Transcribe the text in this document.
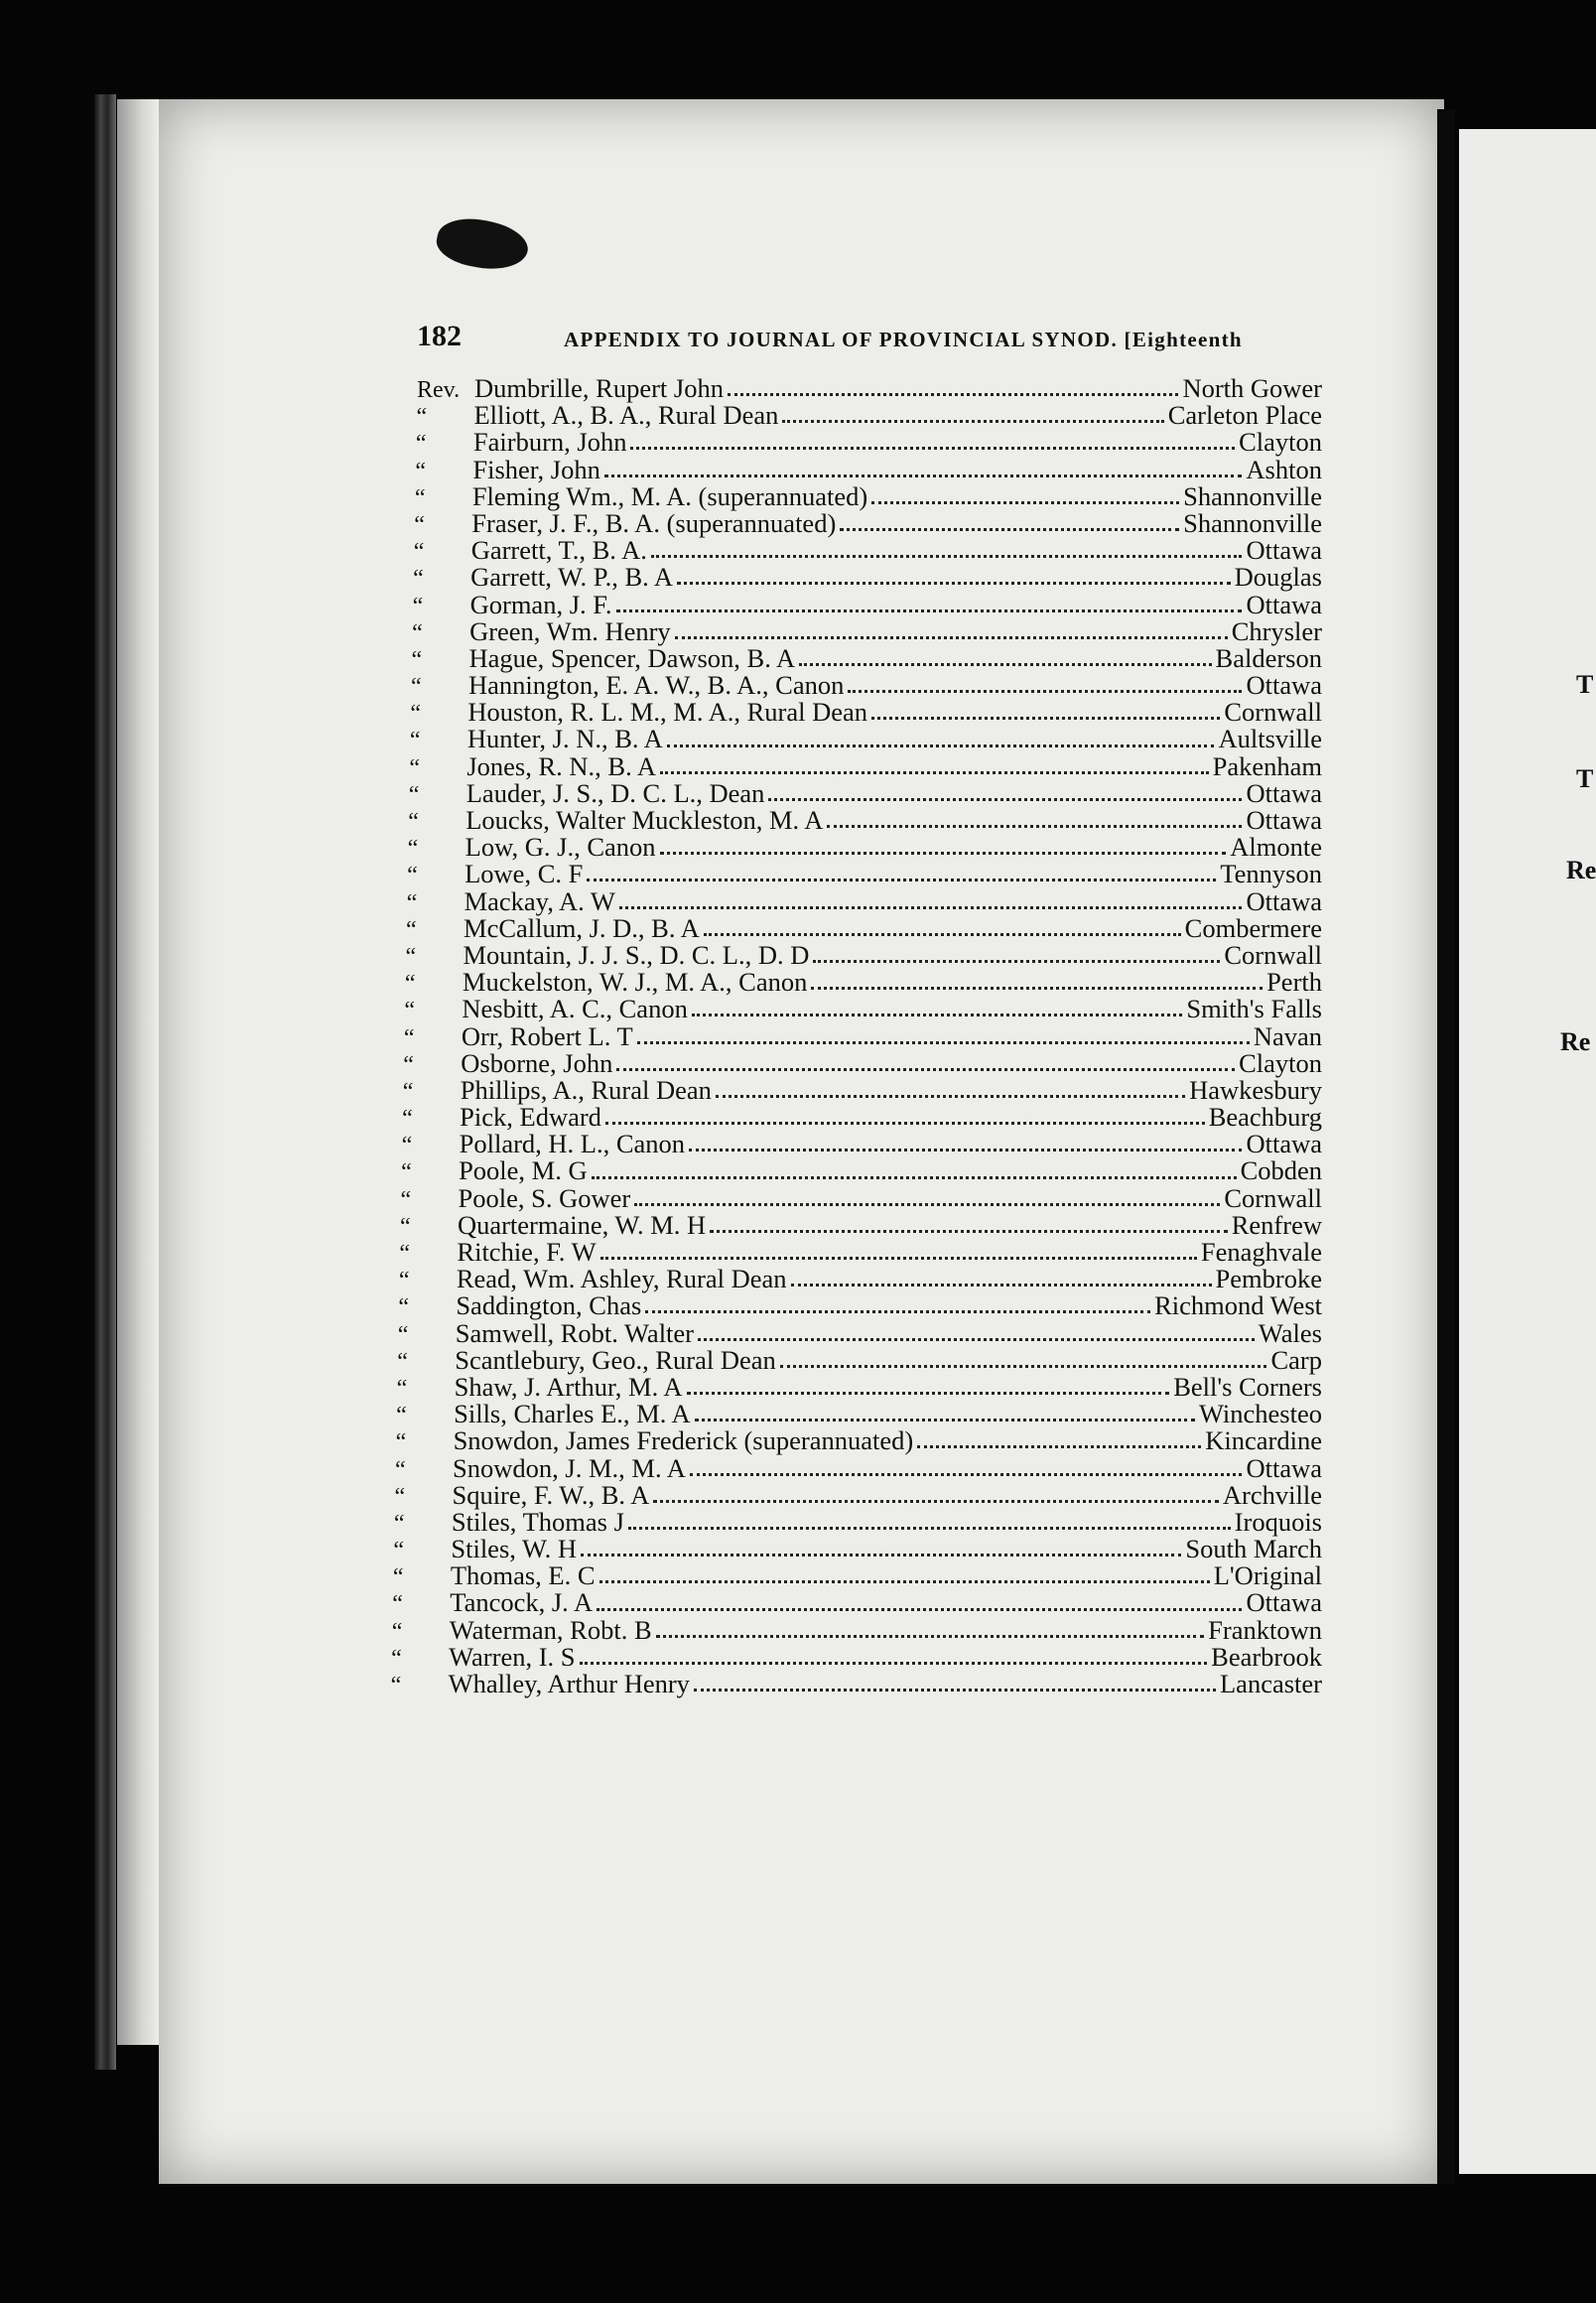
182	APPENDIX TO JOURNAL OF PROVINCIAL SYNOD. [Eighteenth
Rev. Dumbrille, Rupert John	North Gower
“	Elliott, A., B. A., Rural Dean	Carleton Place
“	Fairburn, John	Clayton
“	Fisher, John	Ashton
“	Fleming Wm., M. A. (superannuated)	Shannonville
“	Fraser, J. F., B. A. (superannuated)	Shannonville
“	Garrett, T., B. A.	Ottawa
“	Garrett, W. P., B. A	Douglas
“	Gorman, J. F.	Ottawa
“	Green, Wm. Henry	Chrysler
“	Hague, Spencer, Dawson, B. A	Balderson
“	Hannington, E. A. W., B. A., Canon	Ottawa
“	Houston, R. L. M., M. A., Rural Dean	Cornwall
“	Hunter, J. N., B. A	Aultsville
“	Jones, R. N., B. A	Pakenham
“	Lauder, J. S., D. C. L., Dean	Ottawa
“	Loucks, Walter Muckleston, M. A	Ottawa
“	Low, G. J., Canon	Almonte
“	Lowe, C. F	Tennyson
“	Mackay, A. W	Ottawa
“	McCallum, J. D., B. A	Combermere
“	Mountain, J. J. S., D. C. L., D. D	Cornwall
“	Muckelston, W. J., M. A., Canon	Perth
“	Nesbitt, A. C., Canon	Smith's Falls
“	Orr, Robert L. T	Navan
“	Osborne, John	Clayton
“	Phillips, A., Rural Dean	Hawkesbury
“	Pick, Edward	Beachburg
“	Pollard, H. L., Canon	Ottawa
“	Poole, M. G	Cobden
“	Poole, S. Gower	Cornwall
“	Quartermaine, W. M. H	Renfrew
“	Ritchie, F. W	Fenaghvale
“	Read, Wm. Ashley, Rural Dean	Pembroke
“	Saddington, Chas	Richmond West
“	Samwell, Robt. Walter	Wales
“	Scantlebury, Geo., Rural Dean	Carp
“	Shaw, J. Arthur, M. A	Bell's Corners
“	Sills, Charles E., M. A	Winchesteo
“	Snowdon, James Frederick (superannuated)	Kincardine
“	Snowdon, J. M., M. A	Ottawa
“	Squire, F. W., B. A	Archville
“	Stiles, Thomas J	Iroquois
“	Stiles, W. H	South March
“	Thomas, E. C	L'Original
“	Tancock, J. A	Ottawa
“	Waterman, Robt. B	Franktown
“	Warren, I. S	Bearbrook
“	Whalley, Arthur Henry	Lancaster
T
T
Re
Re
